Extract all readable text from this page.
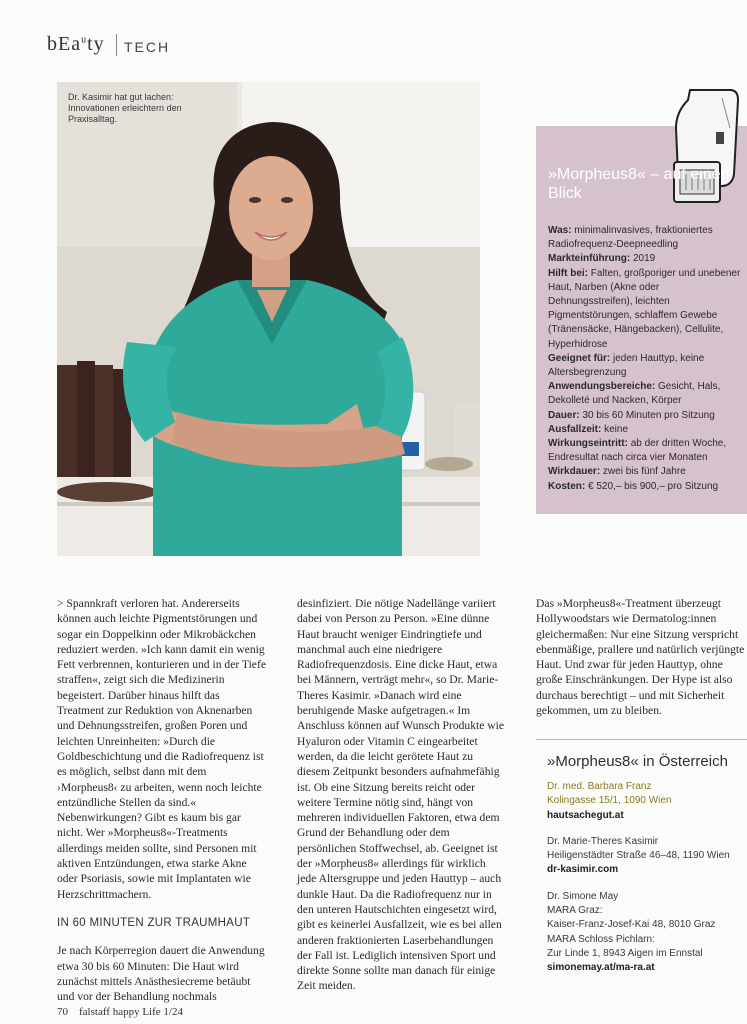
bEa$^u$ty TECH
Dr. Kasimir hat gut lachen: Innovationen erleichtern den Praxisalltag.
»Morpheus8« – auf einen Blick

Was: minimalinvasives, fraktioniertes Radiofrequenz-Deepneedling

Markteinführung: 2019

Hilft bei: Falten, großporiger und unebener Haut, Narben (Akne oder Dehnungsstreifen), leichten Pigmentstörungen, schlaffem Gewebe (Tränensäcke, Hängebacken), Cellulite, Hyperhidrose

Geeignet für: jeden Hauttyp, keine Altersbegrenzung

Anwendungsbereiche: Gesicht, Hals, Dekolleté und Nacken, Körper

Dauer: 30 bis 60 Minuten pro Sitzung

Ausfallzeit: keine

Wirkungseintritt: ab der dritten Woche, Endresultat nach circa vier Monaten

Wirkdauer: zwei bis fünf Jahre

Kosten: € 520,– bis 900,– pro Sitzung

> Spannkraft verloren hat. Andererseits können auch leichte Pigmentstörungen und sogar ein Doppelkinn oder Mikrobäckchen reduziert werden. »Ich kann damit ein wenig Fett verbrennen, konturieren und in der Tiefe straffen«, zeigt sich die Medizinerin begeistert. Darüber hinaus hilft das Treatment zur Reduktion von Aknenarben und Dehnungsstreifen, großen Poren und leichten Unreinheiten: »Durch die Goldbeschichtung und die Radiofrequenz ist es möglich, selbst dann mit dem ›Morpheus8‹ zu arbeiten, wenn noch leichte entzündliche Stellen da sind.« Nebenwirkungen? Gibt es kaum bis gar nicht. Wer »Morpheus8«-Treatments allerdings meiden sollte, sind Personen mit aktiven Entzündungen, etwa starke Akne oder Psoriasis, sowie mit Implantaten wie Herzschrittmachern.

IN 60 MINUTEN ZUR TRAUMHAUT

Je nach Körperregion dauert die Anwendung etwa 30 bis 60 Minuten: Die Haut wird zunächst mittels Anästhesiecreme betäubt und vor der Behandlung nochmals

desinfiziert. Die nötige Nadellänge variiert dabei von Person zu Person. »Eine dünne Haut braucht weniger Eindringtiefe und manchmal auch eine niedrigere Radiofrequenzdosis. Eine dicke Haut, etwa bei Männern, verträgt mehr«, so Dr. Marie-Theres Kasimir. »Danach wird eine beruhigende Maske aufgetragen.« Im Anschluss können auf Wunsch Produkte wie Hyaluron oder Vitamin C eingearbeitet werden, da die leicht gerötete Haut zu diesem Zeitpunkt besonders aufnahmefähig ist. Ob eine Sitzung bereits reicht oder weitere Termine nötig sind, hängt von mehreren individuellen Faktoren, etwa dem Grund der Behandlung oder dem persönlichen Stoffwechsel, ab. Geeignet ist der »Morpheus8« allerdings für wirklich jede Altersgruppe und jeden Hauttyp – auch dunkle Haut. Da die Radiofrequenz nur in den unteren Hautschichten eingesetzt wird, gibt es keinerlei Ausfallzeit, wie es bei allen anderen fraktionierten Laserbehandlungen der Fall ist. Lediglich intensiven Sport und direkte Sonne sollte man danach für einige Zeit meiden.

Das »Morpheus8«-Treatment überzeugt Hollywoodstars wie Dermatolog:innen gleichermaßen: Nur eine Sitzung verspricht ebenmäßige, prallere und natürlich verjüngte Haut. Und zwar für jeden Hauttyp, ohne große Einschränkungen. Der Hype ist also durchaus berechtigt – und mit Sicherheit gekommen, um zu bleiben.

»Morpheus8« in Österreich

Dr. med. Barbara Franz

Kolingasse 15/1, 1090 Wien

hautsachegut.at

Dr. Marie-Theres Kasimir

Heiligenstädter Straße 46–48, 1190 Wien

dr-kasimir.com

Dr. Simone May

MARA Graz:

Kaiser-Franz-Josef-Kai 48, 8010 Graz

MARA Schloss Pichlarn:

Zur Linde 1, 8943 Aigen im Ennstal

simonemay.at/ma-ra.at

70 falstaff happy Life 1/24
